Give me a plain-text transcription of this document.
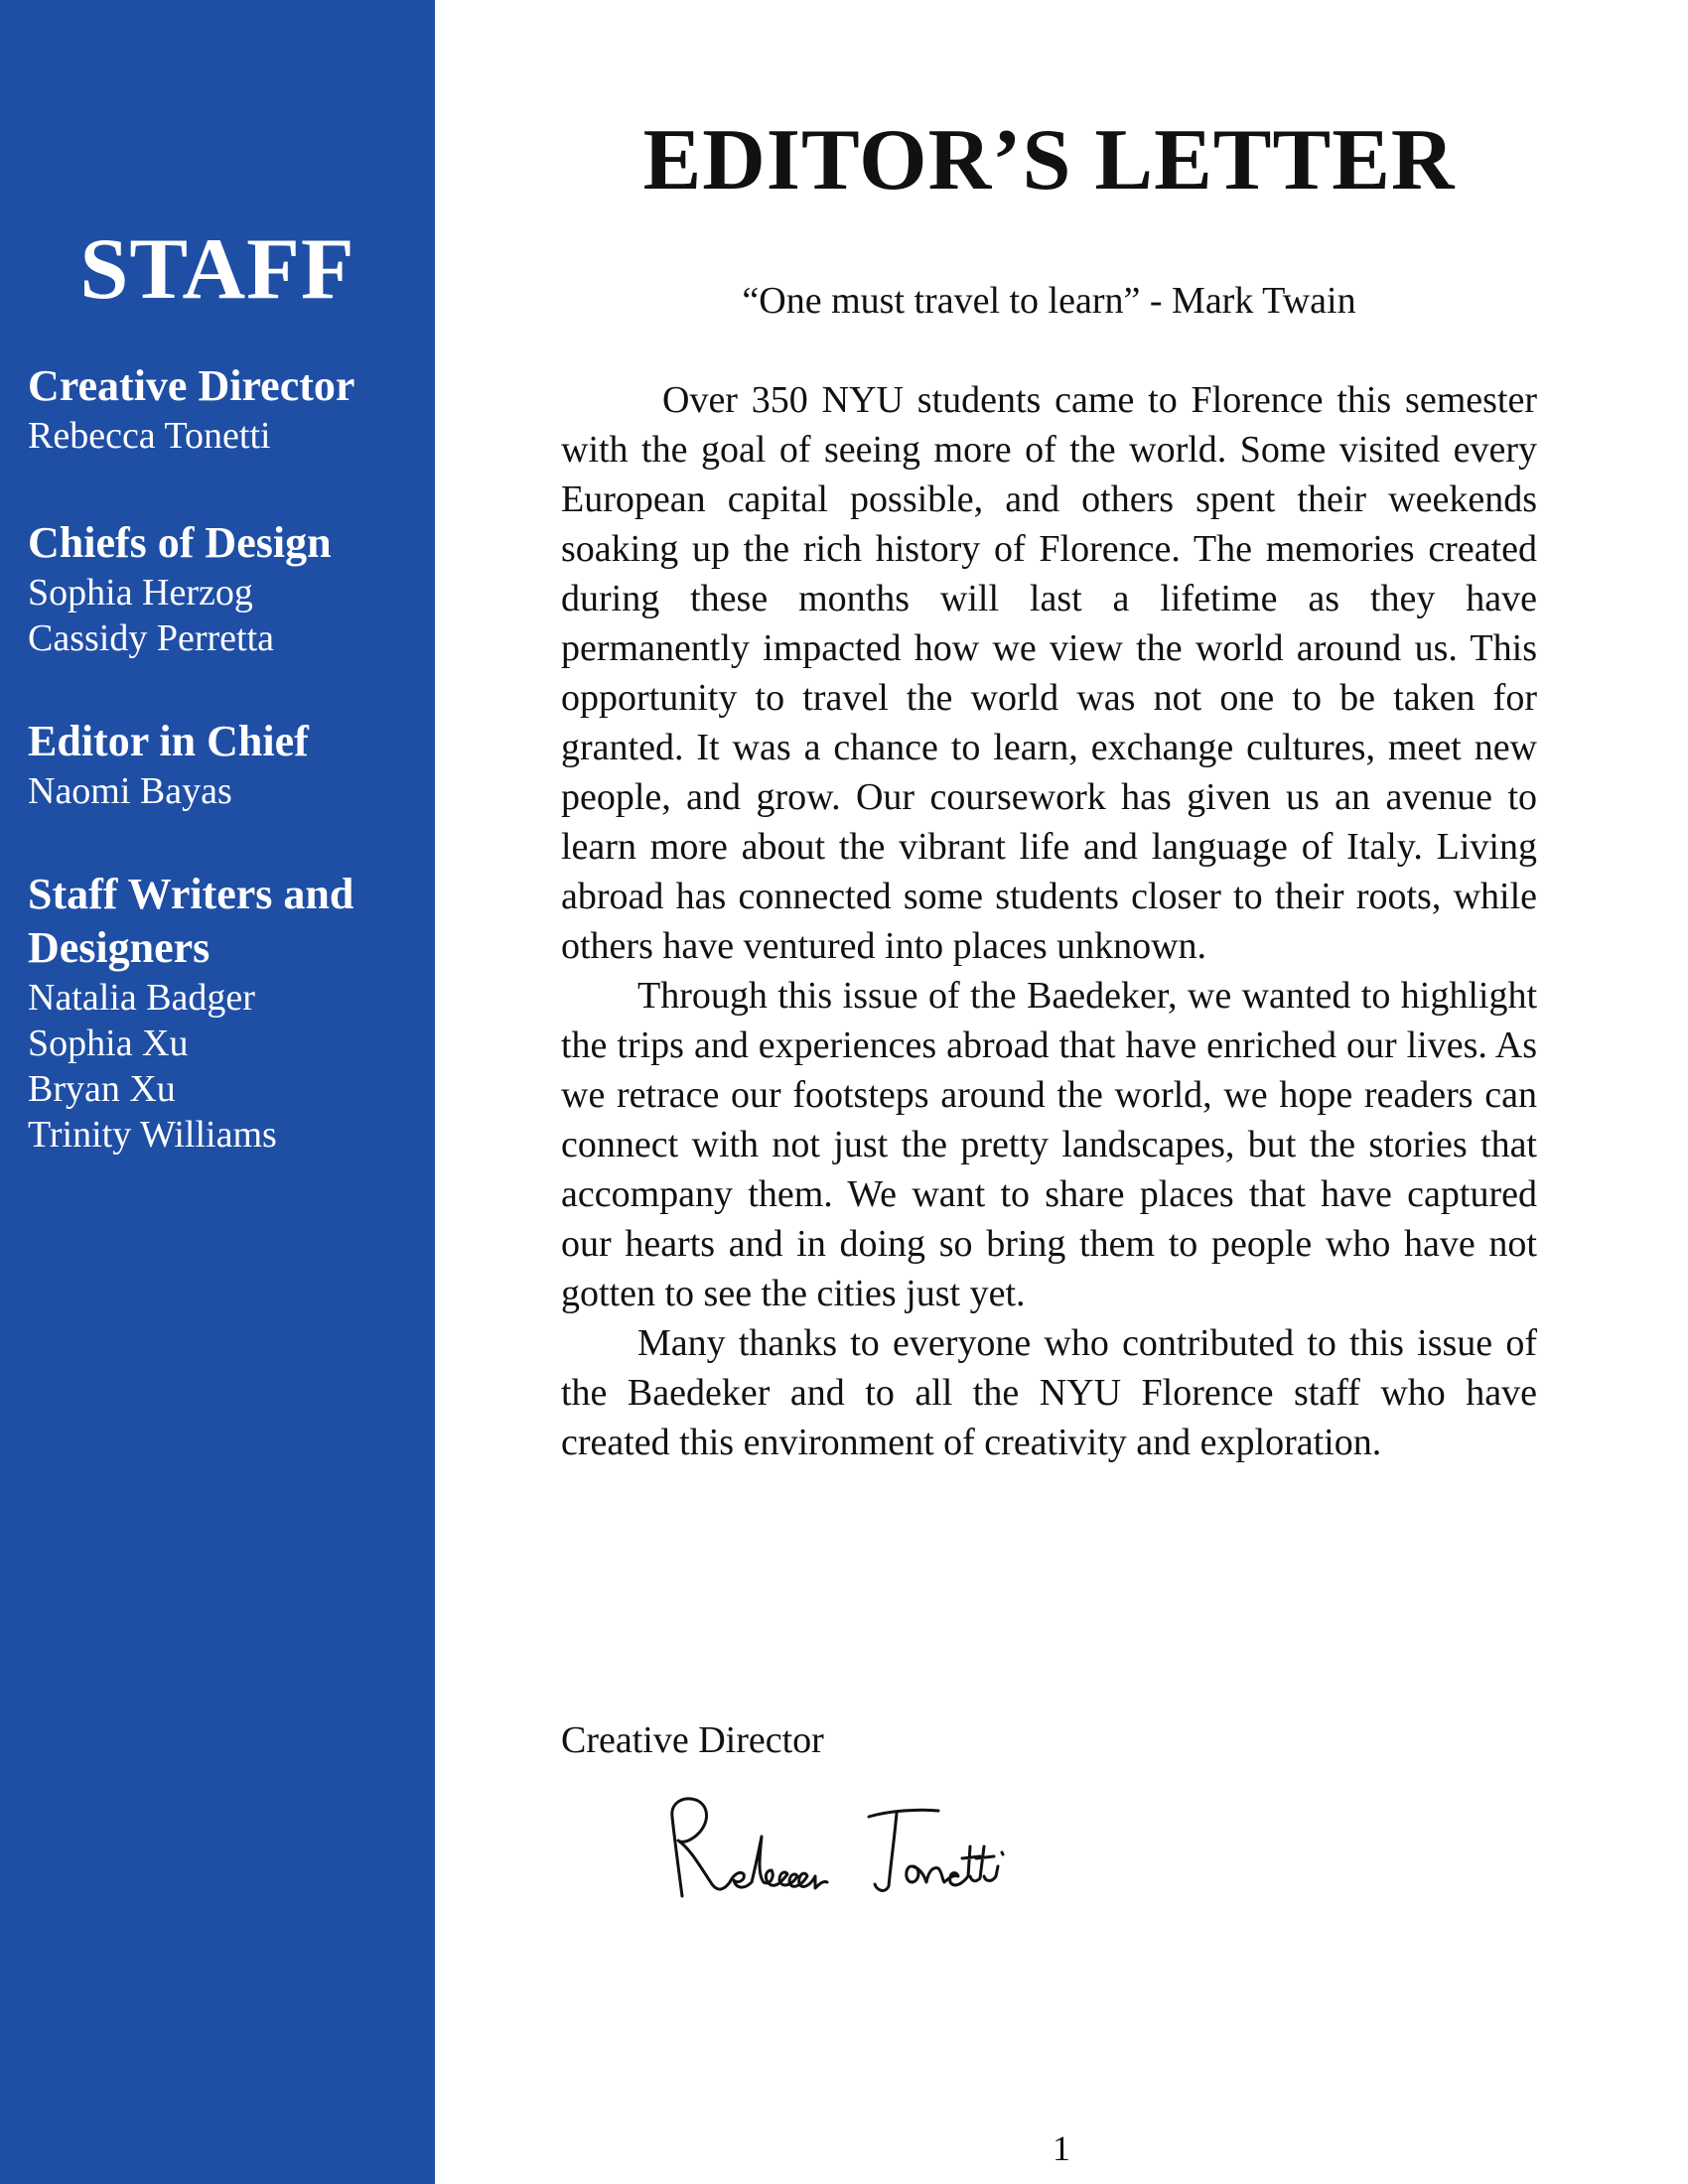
STAFF
Creative Director
Rebecca Tonetti
Chiefs of Design
Sophia Herzog
Cassidy Perretta
Editor in Chief
Naomi Bayas
Staff Writers and
Designers
Natalia Badger
Sophia Xu
Bryan Xu
Trinity Williams
EDITOR’S LETTER
“One must travel to learn” - Mark Twain

Over 350 NYU students came to Florence this semester with the goal of seeing more of the world. Some visited every European capital possible, and others spent their weekends soaking up the rich history of Florence. The memories created during these months will last a lifetime as they have permanently impacted how we view the world around us. This opportunity to travel the world was not one to be taken for granted. It was a chance to learn, exchange cultures, meet new people, and grow. Our coursework has given us an avenue to learn more about the vibrant life and language of Italy. Living abroad has connected some students closer to their roots, while others have ventured into places unknown.

Through this issue of the Baedeker, we wanted to highlight the trips and experiences abroad that have enriched our lives. As we retrace our footsteps around the world, we hope readers can connect with not just the pretty landscapes, but the stories that accompany them. We want to share places that have captured our hearts and in doing so bring them to people who have not gotten to see the cities just yet.

Many thanks to everyone who contributed to this issue of the Baedeker and to all the NYU Florence staff who have created this environment of creativity and exploration.

Creative Director
1
